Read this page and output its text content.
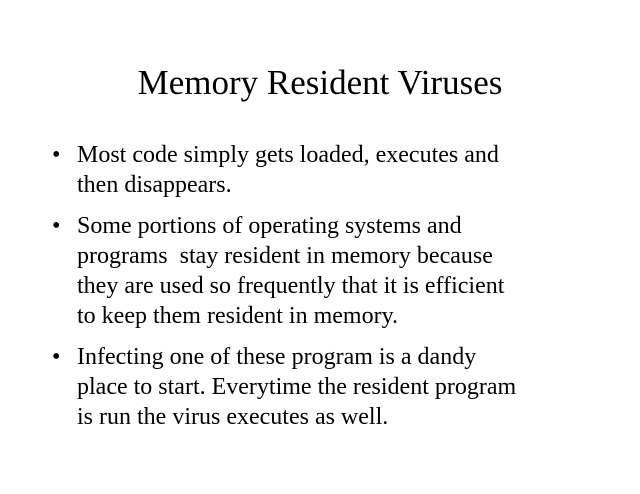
Memory Resident Viruses
• Most code simply gets loaded, executes and
then disappears.
• Some portions of operating systems and
programs  stay resident in memory because
they are used so frequently that it is efficient
to keep them resident in memory.
• Infecting one of these program is a dandy
place to start. Everytime the resident program
is run the virus executes as well.
